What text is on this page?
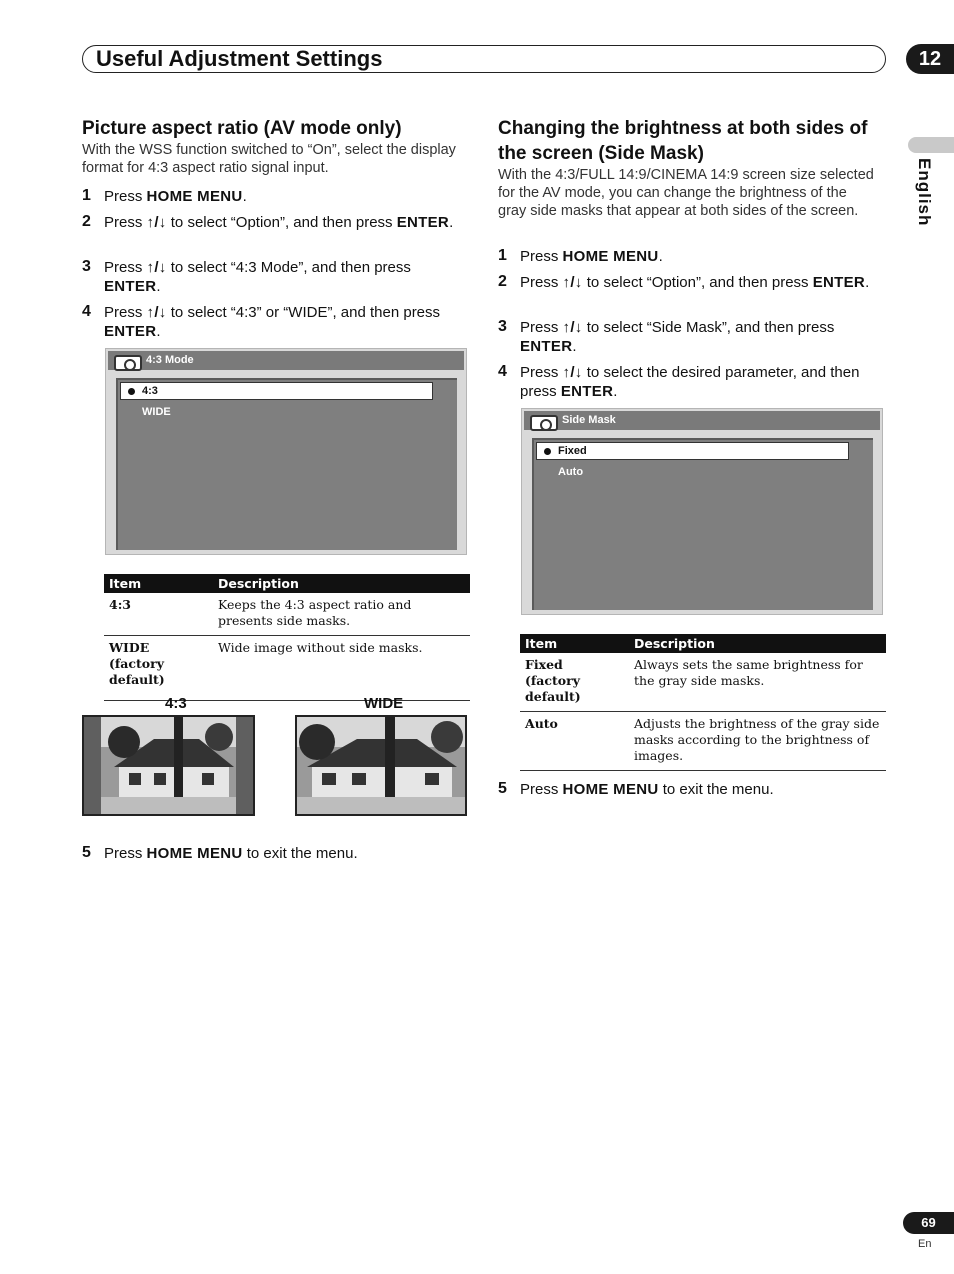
Useful Adjustment Settings	12
English
Picture aspect ratio (AV mode only)
With the WSS function switched to “On”, select the display format for 4:3 aspect ratio signal input.
1 Press HOME MENU.
2 Press ↑/↓ to select “Option”, and then press ENTER.
3 Press ↑/↓ to select “4:3 Mode”, and then press ENTER.
4 Press ↑/↓ to select “4:3” or “WIDE”, and then press ENTER.
4:3 Mode
4:3
WIDE
Item	Description
4:3	Keeps the 4:3 aspect ratio and presents side masks.
WIDE
(factory default)	Wide image without side masks.
4:3	WIDE
5 Press HOME MENU to exit the menu.
Changing the brightness at both sides of the screen (Side Mask)
With the 4:3/FULL 14:9/CINEMA 14:9 screen size selected for the AV mode, you can change the brightness of the gray side masks that appear at both sides of the screen.
1 Press HOME MENU.
2 Press ↑/↓ to select “Option”, and then press ENTER.
3 Press ↑/↓ to select “Side Mask”, and then press ENTER.
4 Press ↑/↓ to select the desired parameter, and then press ENTER.
Side Mask
Fixed
Auto
Item	Description
Fixed
(factory default)	Always sets the same brightness for the gray side masks.
Auto	Adjusts the brightness of the gray side masks according to the brightness of images.
5 Press HOME MENU to exit the menu.
69
En
